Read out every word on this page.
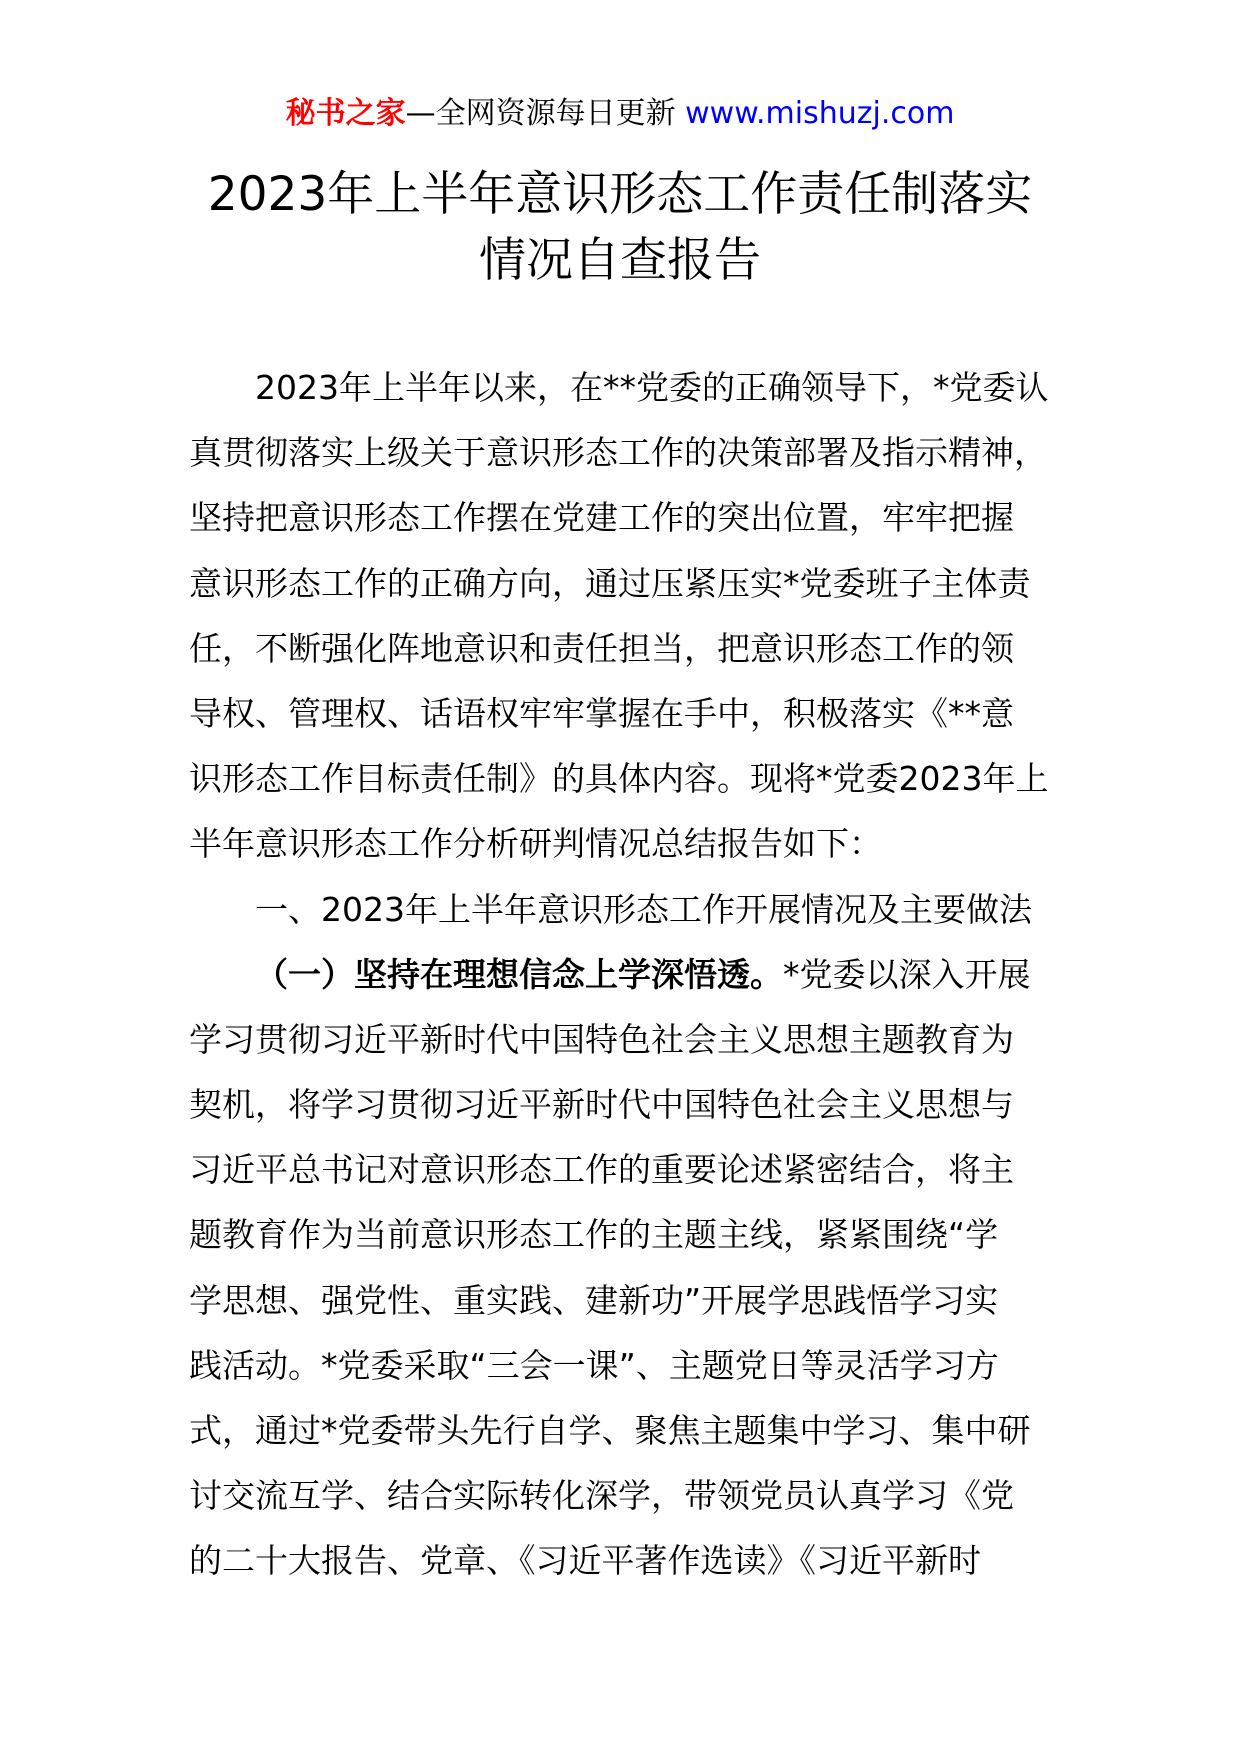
秘书之家—全网资源每日更新 www.mishuzj.com
2023年上半年意识形态工作责任制落实
情况自查报告
2023年上半年以来，在**党委的正确领导下，*党委认
真贯彻落实上级关于意识形态工作的决策部署及指示精神，
坚持把意识形态工作摆在党建工作的突出位置，牢牢把握
意识形态工作的正确方向，通过压紧压实*党委班子主体责
任，不断强化阵地意识和责任担当，把意识形态工作的领
导权、管理权、话语权牢牢掌握在手中，积极落实《**意
识形态工作目标责任制》的具体内容。现将*党委2023年上
半年意识形态工作分析研判情况总结报告如下：
一、2023年上半年意识形态工作开展情况及主要做法
（一）坚持在理想信念上学深悟透。*党委以深入开展
学习贯彻习近平新时代中国特色社会主义思想主题教育为
契机，将学习贯彻习近平新时代中国特色社会主义思想与
习近平总书记对意识形态工作的重要论述紧密结合，将主
题教育作为当前意识形态工作的主题主线，紧紧围绕“学
学思想、强党性、重实践、建新功”开展学思践悟学习实
践活动。*党委采取“三会一课”、主题党日等灵活学习方
式，通过*党委带头先行自学、聚焦主题集中学习、集中研
讨交流互学、结合实际转化深学，带领党员认真学习《党
的二十大报告、党章、《习近平著作选读》《习近平新时
